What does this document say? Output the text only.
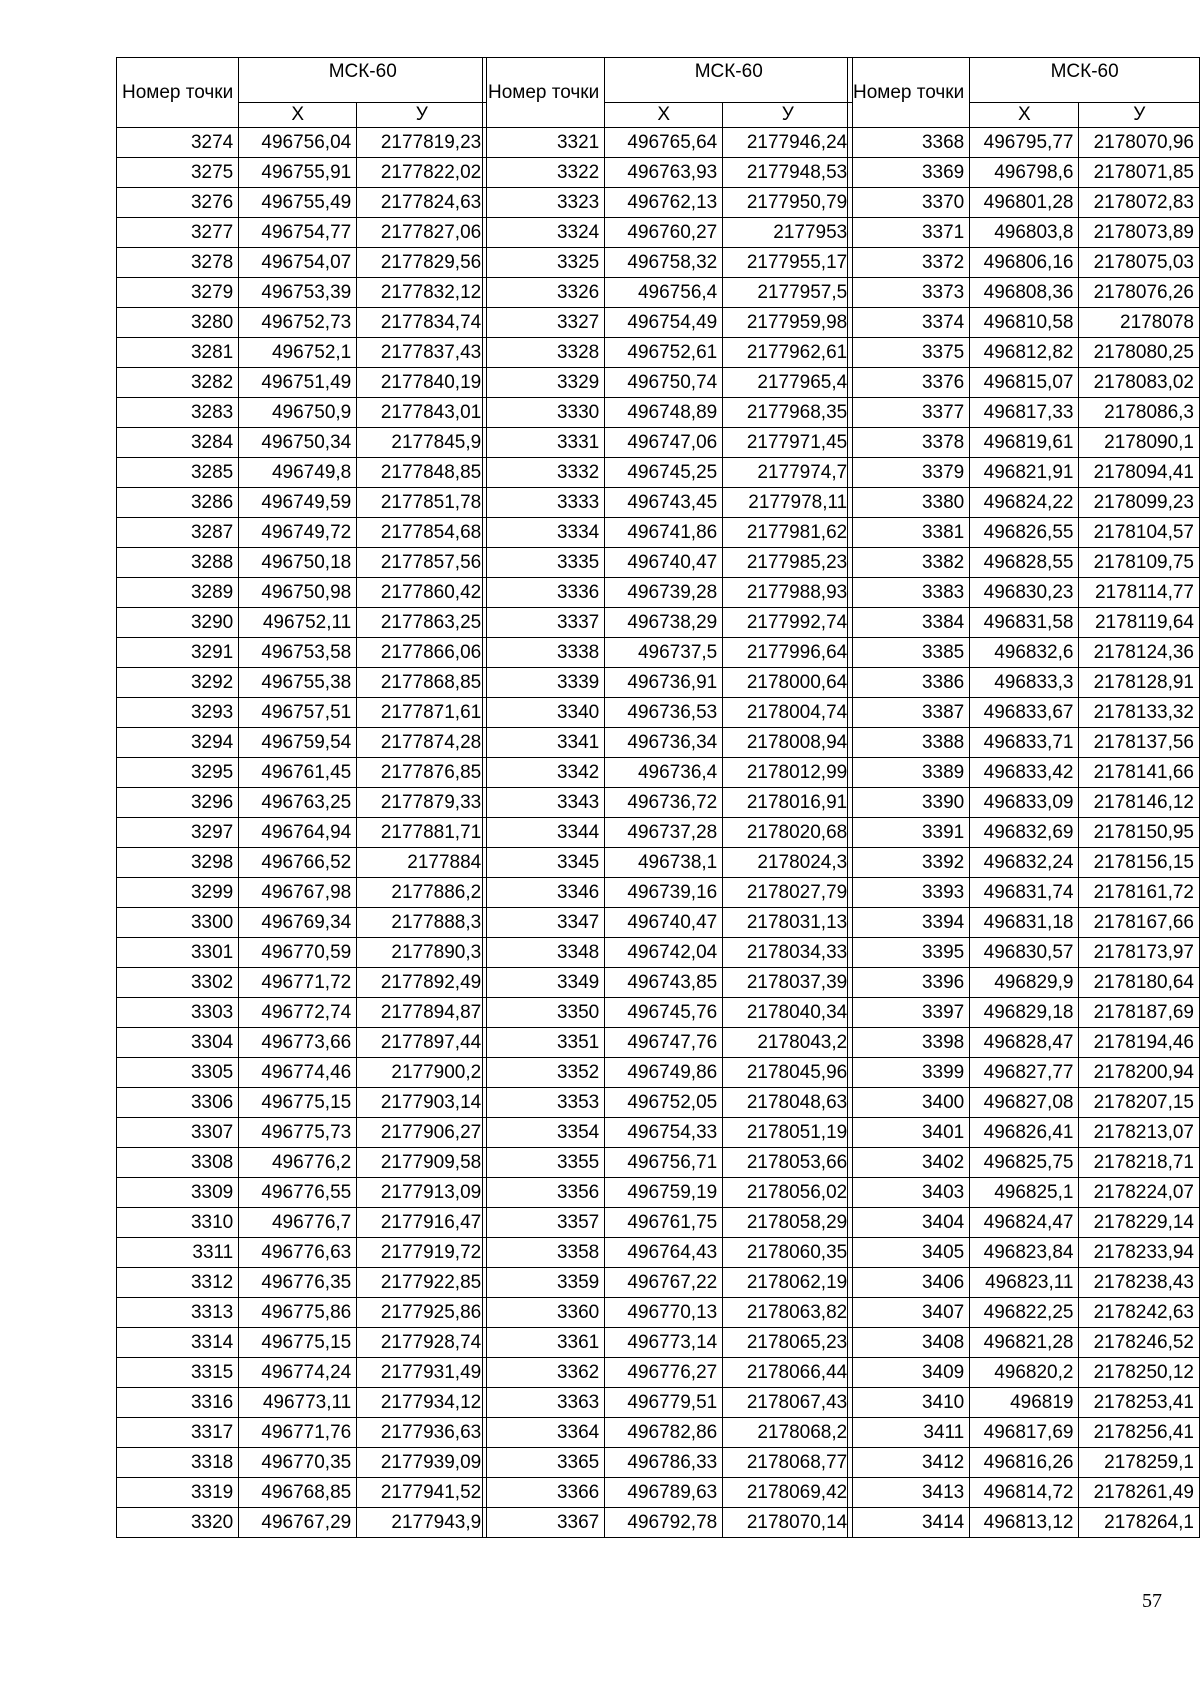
Номер точки	МСК-60	
	Х	У
3274	496756,04	2177819,23
3275	496755,91	2177822,02
3276	496755,49	2177824,63
3277	496754,77	2177827,06
3278	496754,07	2177829,56
3279	496753,39	2177832,12
3280	496752,73	2177834,74
3281	496752,1	2177837,43
3282	496751,49	2177840,19
3283	496750,9	2177843,01
3284	496750,34	2177845,9
3285	496749,8	2177848,85
3286	496749,59	2177851,78
3287	496749,72	2177854,68
3288	496750,18	2177857,56
3289	496750,98	2177860,42
3290	496752,11	2177863,25
3291	496753,58	2177866,06
3292	496755,38	2177868,85
3293	496757,51	2177871,61
3294	496759,54	2177874,28
3295	496761,45	2177876,85
3296	496763,25	2177879,33
3297	496764,94	2177881,71
3298	496766,52	2177884
3299	496767,98	2177886,2
3300	496769,34	2177888,3
3301	496770,59	2177890,3
3302	496771,72	2177892,49
3303	496772,74	2177894,87
3304	496773,66	2177897,44
3305	496774,46	2177900,2
3306	496775,15	2177903,14
3307	496775,73	2177906,27
3308	496776,2	2177909,58
3309	496776,55	2177913,09
3310	496776,7	2177916,47
3311	496776,63	2177919,72
3312	496776,35	2177922,85
3313	496775,86	2177925,86
3314	496775,15	2177928,74
3315	496774,24	2177931,49
3316	496773,11	2177934,12
3317	496771,76	2177936,63
3318	496770,35	2177939,09
3319	496768,85	2177941,52
3320	496767,29	2177943,9
Номер точки	МСК-60	
	Х	У
3321	496765,64	2177946,24
3322	496763,93	2177948,53
3323	496762,13	2177950,79
3324	496760,27	2177953
3325	496758,32	2177955,17
3326	496756,4	2177957,5
3327	496754,49	2177959,98
3328	496752,61	2177962,61
3329	496750,74	2177965,4
3330	496748,89	2177968,35
3331	496747,06	2177971,45
3332	496745,25	2177974,7
3333	496743,45	2177978,11
3334	496741,86	2177981,62
3335	496740,47	2177985,23
3336	496739,28	2177988,93
3337	496738,29	2177992,74
3338	496737,5	2177996,64
3339	496736,91	2178000,64
3340	496736,53	2178004,74
3341	496736,34	2178008,94
3342	496736,4	2178012,99
3343	496736,72	2178016,91
3344	496737,28	2178020,68
3345	496738,1	2178024,3
3346	496739,16	2178027,79
3347	496740,47	2178031,13
3348	496742,04	2178034,33
3349	496743,85	2178037,39
3350	496745,76	2178040,34
3351	496747,76	2178043,2
3352	496749,86	2178045,96
3353	496752,05	2178048,63
3354	496754,33	2178051,19
3355	496756,71	2178053,66
3356	496759,19	2178056,02
3357	496761,75	2178058,29
3358	496764,43	2178060,35
3359	496767,22	2178062,19
3360	496770,13	2178063,82
3361	496773,14	2178065,23
3362	496776,27	2178066,44
3363	496779,51	2178067,43
3364	496782,86	2178068,2
3365	496786,33	2178068,77
3366	496789,63	2178069,42
3367	496792,78	2178070,14
Номер точки	МСК-60	
	Х	У
3368	496795,77	2178070,96
3369	496798,6	2178071,85
3370	496801,28	2178072,83
3371	496803,8	2178073,89
3372	496806,16	2178075,03
3373	496808,36	2178076,26
3374	496810,58	2178078
3375	496812,82	2178080,25
3376	496815,07	2178083,02
3377	496817,33	2178086,3
3378	496819,61	2178090,1
3379	496821,91	2178094,41
3380	496824,22	2178099,23
3381	496826,55	2178104,57
3382	496828,55	2178109,75
3383	496830,23	2178114,77
3384	496831,58	2178119,64
3385	496832,6	2178124,36
3386	496833,3	2178128,91
3387	496833,67	2178133,32
3388	496833,71	2178137,56
3389	496833,42	2178141,66
3390	496833,09	2178146,12
3391	496832,69	2178150,95
3392	496832,24	2178156,15
3393	496831,74	2178161,72
3394	496831,18	2178167,66
3395	496830,57	2178173,97
3396	496829,9	2178180,64
3397	496829,18	2178187,69
3398	496828,47	2178194,46
3399	496827,77	2178200,94
3400	496827,08	2178207,15
3401	496826,41	2178213,07
3402	496825,75	2178218,71
3403	496825,1	2178224,07
3404	496824,47	2178229,14
3405	496823,84	2178233,94
3406	496823,11	2178238,43
3407	496822,25	2178242,63
3408	496821,28	2178246,52
3409	496820,2	2178250,12
3410	496819	2178253,41
3411	496817,69	2178256,41
3412	496816,26	2178259,1
3413	496814,72	2178261,49
3414	496813,12	2178264,1
57
